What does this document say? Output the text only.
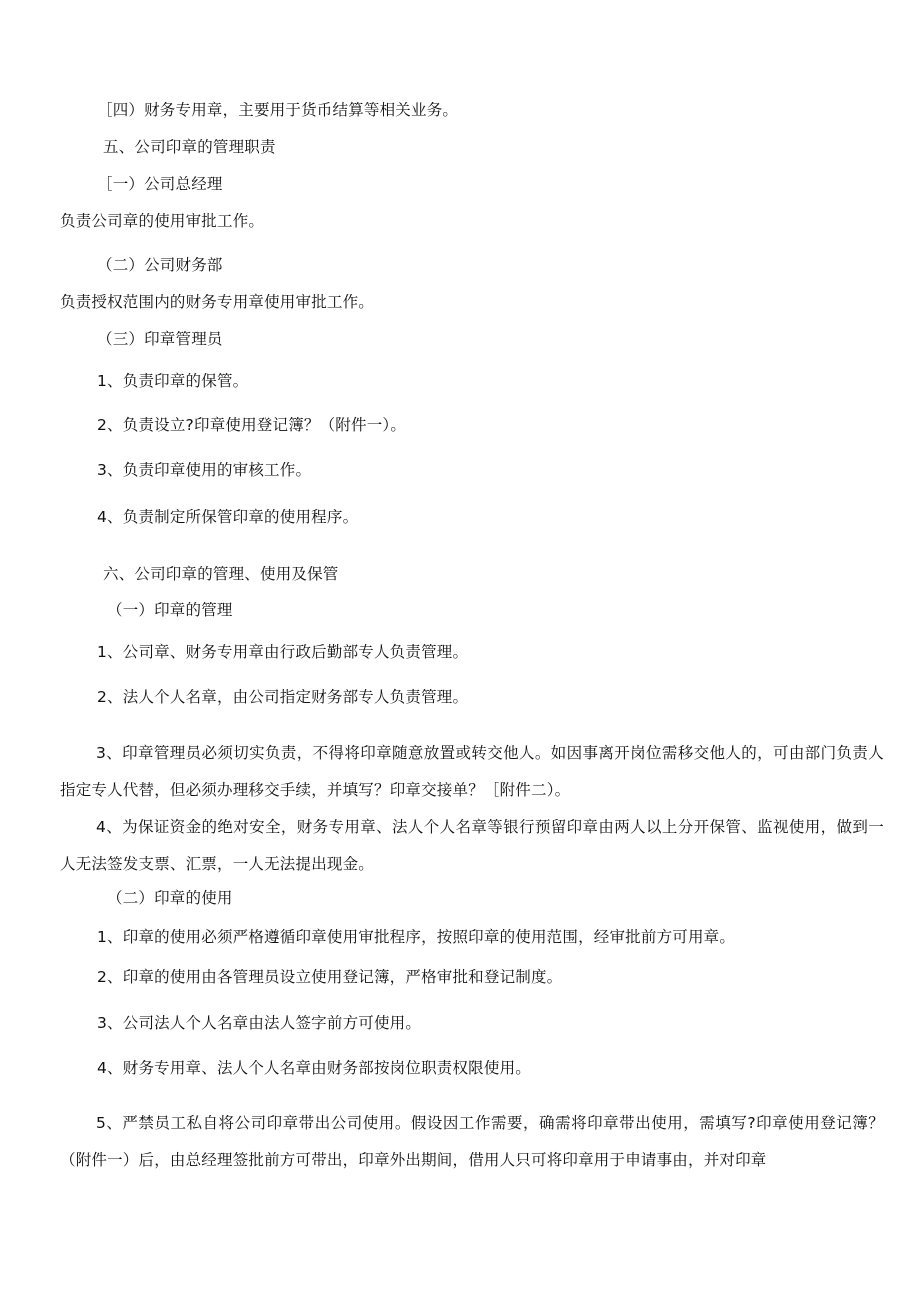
［四）财务专用章，主要用于货币结算等相关业务。
五、公司印章的管理职责
［一）公司总经理
负责公司章的使用审批工作。
（二）公司财务部
负责授权范围内的财务专用章使用审批工作。
（三）印章管理员
1、负责印章的保管。
2、负责设立?印章使用登记簿？（附件一）。
3、负责印章使用的审核工作。
4、负责制定所保管印章的使用程序。
六、公司印章的管理、使用及保管
（一）印章的管理
1、公司章、财务专用章由行政后勤部专人负责管理。
2、法人个人名章，由公司指定财务部专人负责管理。
3、印章管理员必须切实负责，不得将印章随意放置或转交他人。如因事离开岗位需移交他人的，可由部门负责人指定专人代替，但必须办理移交手续，并填写？印章交接单？［附件二）。
4、为保证资金的绝对安全，财务专用章、法人个人名章等银行预留印章由两人以上分开保管、监视使用，做到一人无法签发支票、汇票，一人无法提出现金。
（二）印章的使用
1、印章的使用必须严格遵循印章使用审批程序，按照印章的使用范围，经审批前方可用章。
2、印章的使用由各管理员设立使用登记簿，严格审批和登记制度。
3、公司法人个人名章由法人签字前方可使用。
4、财务专用章、法人个人名章由财务部按岗位职责权限使用。
5、严禁员工私自将公司印章带出公司使用。假设因工作需要，确需将印章带出使用，需填写?印章使用登记簿？（附件一）后，由总经理签批前方可带出，印章外出期间，借用人只可将印章用于申请事由，并对印章
